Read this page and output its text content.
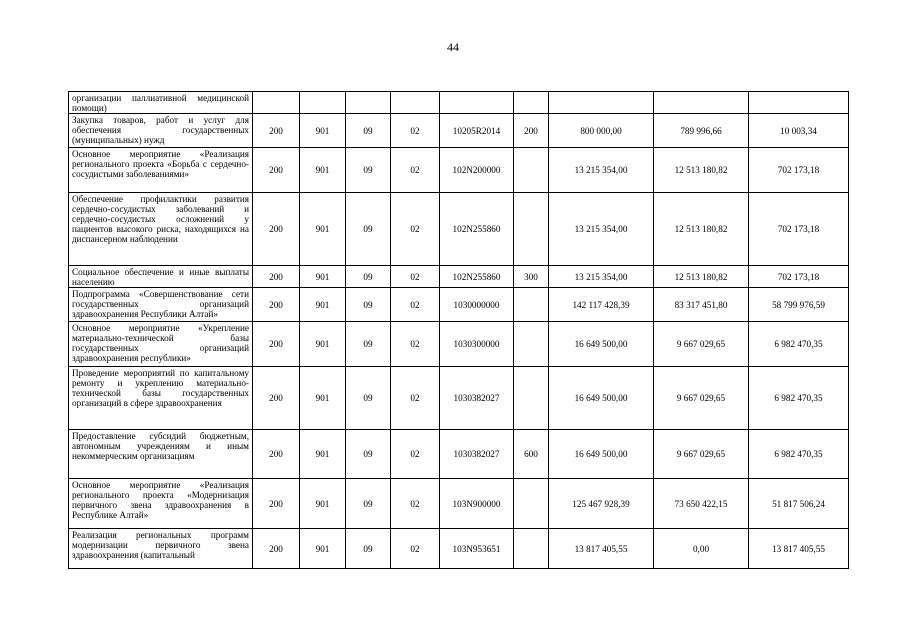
44
организации паллиативной медицинской помощи)									
Закупка товаров, работ и услуг для обеспечения государственных (муниципальных) нужд	200	901	09	02	10205R2014	200	800 000,00	789 996,66	10 003,34
Основное мероприятие «Реализация регионального проекта «Борьба с сердечно-сосудистыми заболеваниями»	200	901	09	02	102N200000		13 215 354,00	12 513 180,82	702 173,18
Обеспечение профилактики развития сердечно-сосудистых заболеваний и сердечно-сосудистых осложнений у пациентов высокого риска, находящихся на диспансерном наблюдении	200	901	09	02	102N255860		13 215 354,00	12 513 180,82	702 173,18
Социальное обеспечение и иные выплаты населению	200	901	09	02	102N255860	300	13 215 354,00	12 513 180,82	702 173,18
Подпрограмма «Совершенствование сети государственных организаций здравоохранения Республики Алтай»	200	901	09	02	1030000000		142 117 428,39	83 317 451,80	58 799 976,59
Основное мероприятие «Укрепление материально-технической базы государственных организаций здравоохранения республики»	200	901	09	02	1030300000		16 649 500,00	9 667 029,65	6 982 470,35
Проведение мероприятий по капитальному ремонту и укреплению материально-технической базы государственных организаций в сфере здравоохранения	200	901	09	02	1030382027		16 649 500,00	9 667 029,65	6 982 470,35
Предоставление субсидий бюджетным, автономным учреждениям и иным некоммерческим организациям	200	901	09	02	1030382027	600	16 649 500,00	9 667 029,65	6 982 470,35
Основное мероприятие «Реализация регионального проекта «Модернизация первичного звена здравоохранения в Республике Алтай»	200	901	09	02	103N900000		125 467 928,39	73 650 422,15	51 817 506,24
Реализация региональных программ модернизации первичного звена здравоохранения (капитальный	200	901	09	02	103N953651		13 817 405,55	0,00	13 817 405,55
